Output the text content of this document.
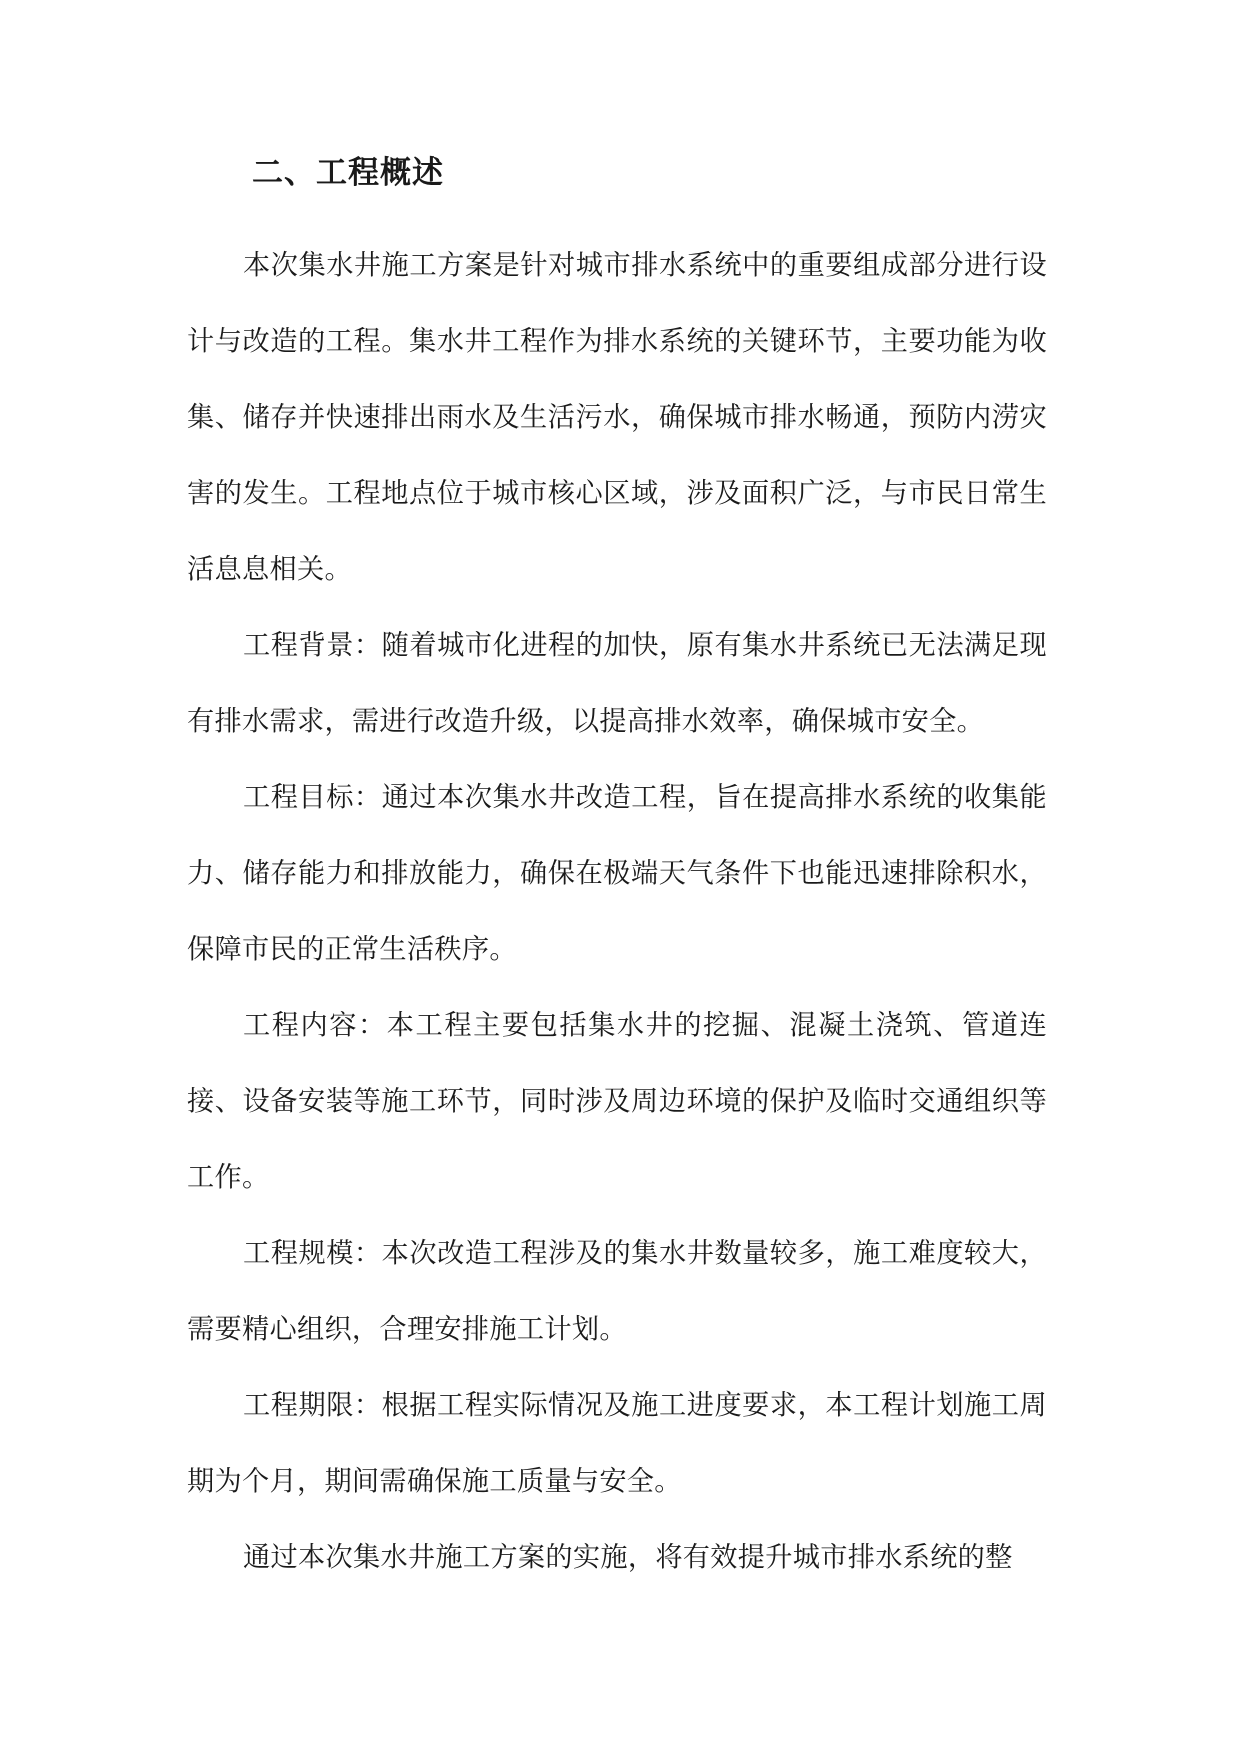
二、工程概述

本次集水井施工方案是针对城市排水系统中的重要组成部分进行设计与改造的工程。集水井工程作为排水系统的关键环节，主要功能为收集、储存并快速排出雨水及生活污水，确保城市排水畅通，预防内涝灾害的发生。工程地点位于城市核心区域，涉及面积广泛，与市民日常生活息息相关。

工程背景：随着城市化进程的加快，原有集水井系统已无法满足现有排水需求，需进行改造升级，以提高排水效率，确保城市安全。

工程目标：通过本次集水井改造工程，旨在提高排水系统的收集能力、储存能力和排放能力，确保在极端天气条件下也能迅速排除积水，保障市民的正常生活秩序。

工程内容：本工程主要包括集水井的挖掘、混凝土浇筑、管道连接、设备安装等施工环节，同时涉及周边环境的保护及临时交通组织等工作。

工程规模：本次改造工程涉及的集水井数量较多，施工难度较大，需要精心组织，合理安排施工计划。

工程期限：根据工程实际情况及施工进度要求，本工程计划施工周期为个月，期间需确保施工质量与安全。

通过本次集水井施工方案的实施，将有效提升城市排水系统的整
